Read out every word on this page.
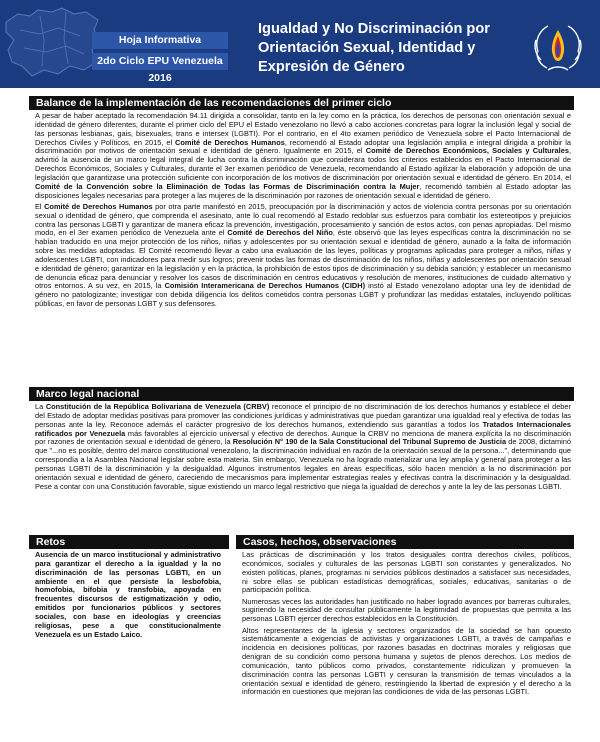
Hoja Informativa
2do Ciclo EPU Venezuela 2016
Igualdad y No Discriminación por Orientación Sexual, Identidad y Expresión de Género
Balance de la implementación de las recomendaciones del primer ciclo

A pesar de haber aceptado la recomendación 94.11 dirigida a consolidar, tanto en la ley como en la práctica, los derechos de personas con orientación sexual e identidad de género diferentes, durante el primer ciclo del EPU el Estado venezolano no llevó a cabo acciones concretas para lograr la inclusión legal y social de las personas lesbianas, gais, bisexuales, trans e intersex (LGBTI). Por el contrario, en el 4to examen periódico de Venezuela sobre el Pacto Internacional de Derechos Civiles y Políticos, en 2015, el Comité de Derechos Humanos, recomendó al Estado adoptar una legislación amplia e integral dirigida a prohibir la discriminación por motivos de orientación sexual e identidad de género. Igualmente en 2015, el Comité de Derechos Económicos, Sociales y Culturales, advirtió la ausencia de un marco legal integral de lucha contra la discriminación que considerara todos los criterios establecidos en el Pacto Internacional de Derechos Económicos, Sociales y Culturales, durante el 3er examen periódico de Venezuela, recomendando al Estado agilizar la elaboración y adopción de una legislación que garantizase una protección suficiente con incorporación de los motivos de discriminación por orientación sexual e identidad de género. En 2014, el Comité de la Convención sobre la Eliminación de Todas las Formas de Discriminación contra la Mujer, recomendó también al Estado adoptar las disposiciones legales necesarias para proteger a las mujeres de la discriminación por razones de orientación sexual e identidad de género.

El Comité de Derechos Humanos por otra parte manifestó en 2015, preocupación por la discriminación y actos de violencia contra personas por su orientación sexual o identidad de género, que comprenda el asesinato, ante lo cual recomendó al Estado redoblar sus esfuerzos para combatir los estereotipos y prejuicios contra las personas LGBTI y garantizar de manera eficaz la prevención, investigación, procesamiento y sanción de estos actos, con penas apropiadas. Del mismo modo, en el 3er examen periódico de Venezuela ante el Comité de Derechos del Niño, éste observó que las leyes específicas contra la discriminación no se habían traducido en una mejor protección de los niños, niñas y adolescentes por su orientación sexual e identidad de género, aunado a la falta de información sobre las medidas adoptadas. El Comité recomendó llevar a cabo una evaluación de las leyes, políticas y programas aplicadas para proteger a niños, niñas y adolescentes LGBTI, con indicadores para medir sus logros; prevenir todas las formas de discriminación de los niños, niñas y adolescentes por orientación sexual e identidad de género; garantizar en la legislación y en la práctica, la prohibición de estos tipos de discriminación y su debida sanción; y establecer un mecanismo de denuncia eficaz para denunciar y resolver los casos de discriminación en centros educativos y resolución de menores, instituciones de cuidado alternativo y otros entornos. A su vez, en 2015, la Comisión Interamericana de Derechos Humanos (CIDH) instó al Estado venezolano adoptar una ley de identidad de género no patologizante; investigar con debida diligencia los delitos cometidos contra personas LGBT y profundizar las medidas estatales, incluyendo políticas públicas, en favor de personas LGBT y sus defensores.

Marco legal nacional

La Constitución de la República Bolivariana de Venezuela (CRBV) reconoce el principio de no discriminación de los derechos humanos y establece el deber del Estado de adoptar medidas positivas para promover las condiciones jurídicas y administrativas que puedan garantizar una igualdad real y efectiva de todas las personas ante la ley. Reconoce además el carácter progresivo de los derechos humanos, extendiendo sus garantías a todos los Tratados Internacionales ratificados por Venezuela más favorables al ejercicio universal y efectivo de derechos. Aunque la CRBV no menciona de manera explícita la no discriminación por razones de orientación sexual e identidad de género, la Resolución N° 190 de la Sala Constitucional del Tribunal Supremo de Justicia de 2008, dictaminó que "...no es posible, dentro del marco constitucional venezolano, la discriminación individual en razón de la orientación sexual de la persona...", determinando que correspondía a la Asamblea Nacional legislar sobre esta materia. Sin embargo, Venezuela no ha logrado materializar una ley amplia y general para proteger a las personas LGBTI de la discriminación y la desigualdad. Algunos instrumentos legales en áreas específicas, sólo hacen mención a la no discriminación por orientación sexual e identidad de género, careciendo de mecanismos para implementar estrategias reales y efectivas contra la discriminación y la desigualdad. Pese a contar con una Constitución favorable, sigue existiendo un marco legal restrictivo que niega la igualdad de derechos y ante la ley de las personas LGBTI.

Retos

Ausencia de un marco institucional y administrativo para garantizar el derecho a la igualdad y la no discriminación de las personas LGBTI, en un ambiente en el que persiste la lesbofobia, homofobia, bifobia y transfobia, apoyada en frecuentes discursos de estigmatización y odio, emitidos por funcionarios públicos y sectores sociales, con base en ideologías y creencias religiosas, pese a que constitucionalmente Venezuela es un Estado Laico.

Casos, hechos, observaciones

Las prácticas de discriminación y los tratos desiguales contra derechos civiles, políticos, económicos, sociales y culturales de las personas LGBTI son constantes y generalizados. No existen políticas, planes, programas ni servicios públicos destinados a satisfacer sus necesidades, ni sobre ellas se publican estadísticas demográficas, sociales, educativas, sanitarias o de participación política.

Numerosas veces las autoridades han justificado no haber logrado avances por barreras culturales, sugiriendo la necesidad de consultar públicamente la legitimidad de propuestas que permita a las personas LGBTI ejercer derechos establecidos en la Constitución.

Altos representantes de la iglesia y sectores organizados de la sociedad se han opuesto sistemáticamente a exigencias de activistas y organizaciones LGBTI, a través de campañas e incidencia en decisiones políticas, por razones basadas en doctrinas morales y religiosas que denigran de su condición como persona humana y sujetos de plenos derechos. Los medios de comunicación, tanto públicos como privados, constantemente ridiculizan y promueven la discriminación contra las personas LGBTI y censuran la transmisión de temas vinculados a la orientación sexual e identidad de género, restringiendo la libertad de expresión y el derecho a la información en cuestiones que mejoran las condiciones de vida de las personas LGBTI.
